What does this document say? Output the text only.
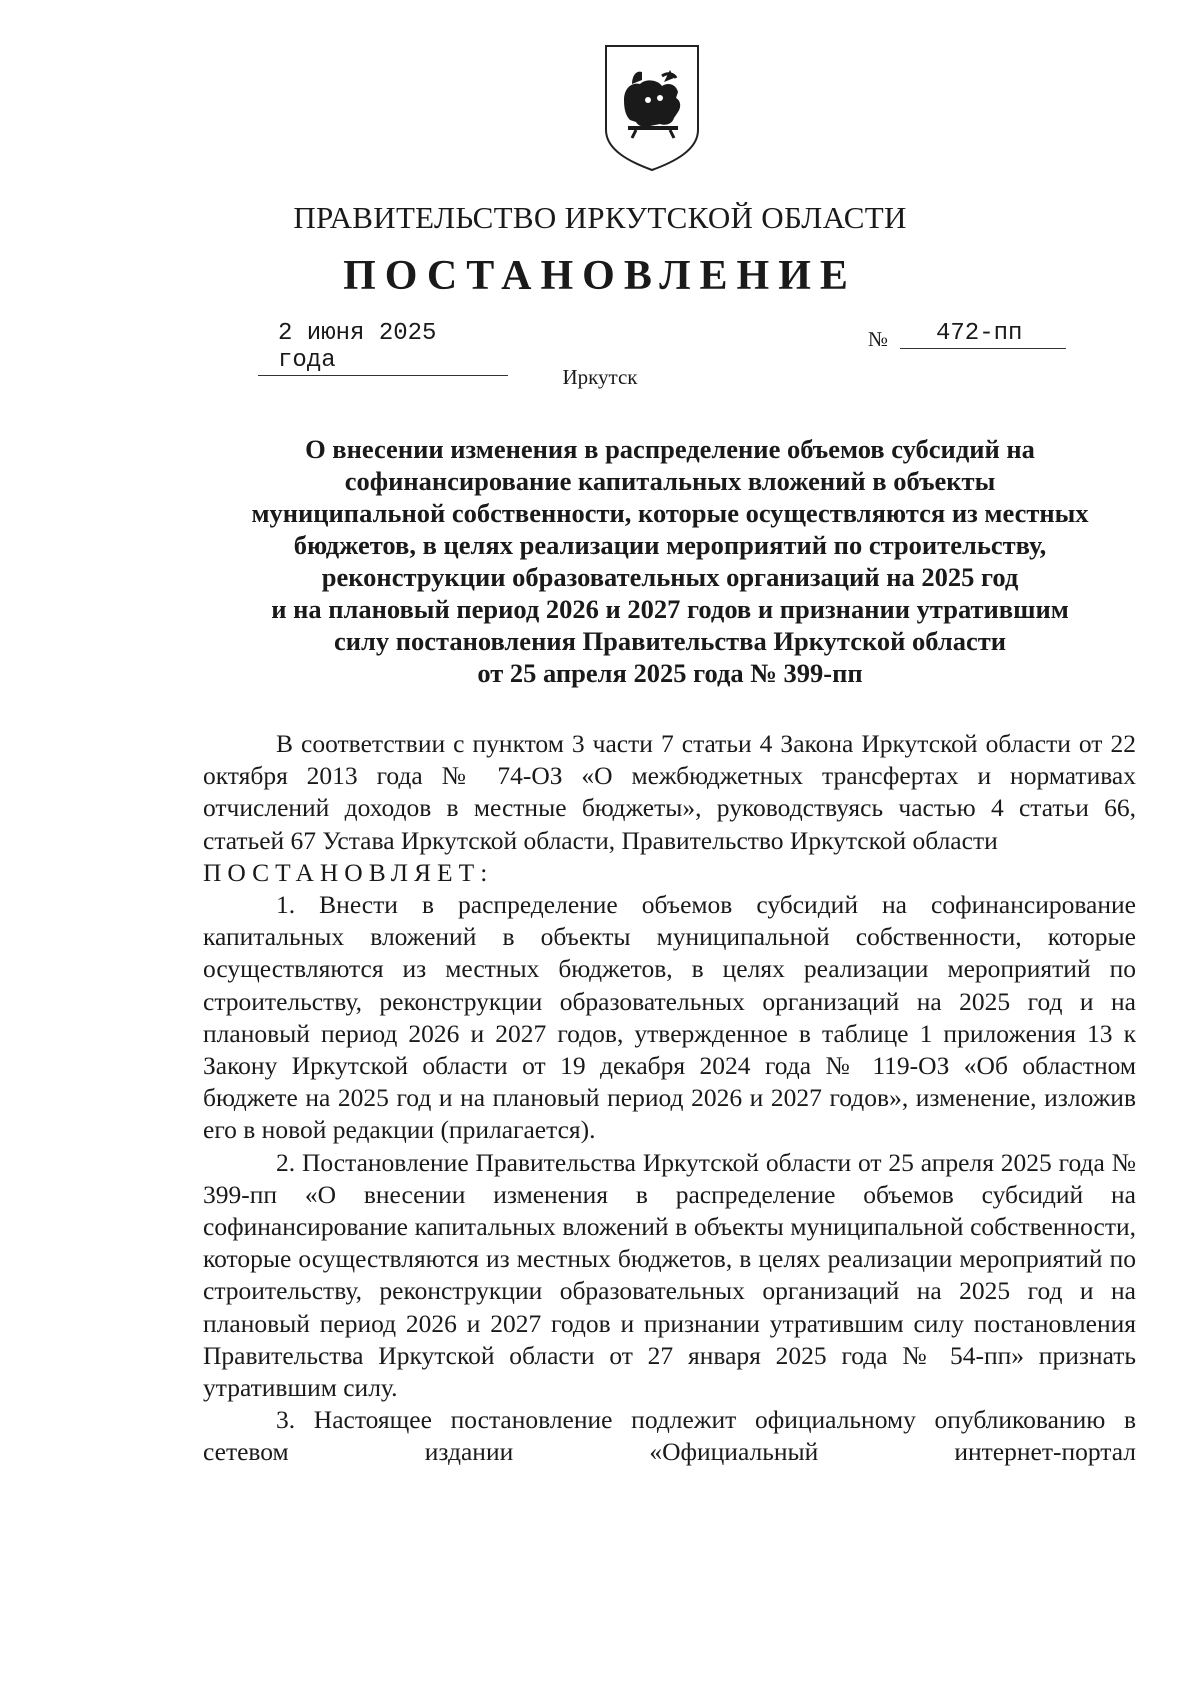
ПРАВИТЕЛЬСТВО ИРКУТСКОЙ ОБЛАСТИ
ПОСТАНОВЛЕНИЕ
2 июня 2025 года
№	472-пп
Иркутск
О внесении изменения в распределение объемов субсидий на
софинансирование капитальных вложений в объекты
муниципальной собственности, которые осуществляются из местных
бюджетов, в целях реализации мероприятий по строительству,
реконструкции образовательных организаций на 2025 год
и на плановый период 2026 и 2027 годов и признании утратившим
силу постановления Правительства Иркутской области
от 25 апреля 2025 года № 399-пп

В соответствии с пунктом 3 части 7 статьи 4 Закона Иркутской области от 22 октября 2013 года № 74-ОЗ «О межбюджетных трансфертах и нормативах отчислений доходов в местные бюджеты», руководствуясь частью 4 статьи 66, статьей 67 Устава Иркутской области, Правительство Иркутской области

ПОСТАНОВЛЯЕТ:

1. Внести в распределение объемов субсидий на софинансирование капитальных вложений в объекты муниципальной собственности, которые осуществляются из местных бюджетов, в целях реализации мероприятий по строительству, реконструкции образовательных организаций на 2025 год и на плановый период 2026 и 2027 годов, утвержденное в таблице 1 приложения 13 к Закону Иркутской области от 19 декабря 2024 года № 119-ОЗ «Об областном бюджете на 2025 год и на плановый период 2026 и 2027 годов», изменение, изложив его в новой редакции (прилагается).

2. Постановление Правительства Иркутской области от 25 апреля 2025 года № 399-пп «О внесении изменения в распределение объемов субсидий на софинансирование капитальных вложений в объекты муниципальной собственности, которые осуществляются из местных бюджетов, в целях реализации мероприятий по строительству, реконструкции образовательных организаций на 2025 год и на плановый период 2026 и 2027 годов и признании утратившим силу постановления Правительства Иркутской области от 27 января 2025 года № 54-пп» признать утратившим силу.

3. Настоящее постановление подлежит официальному опубликованию в сетевом издании «Официальный интернет-портал
